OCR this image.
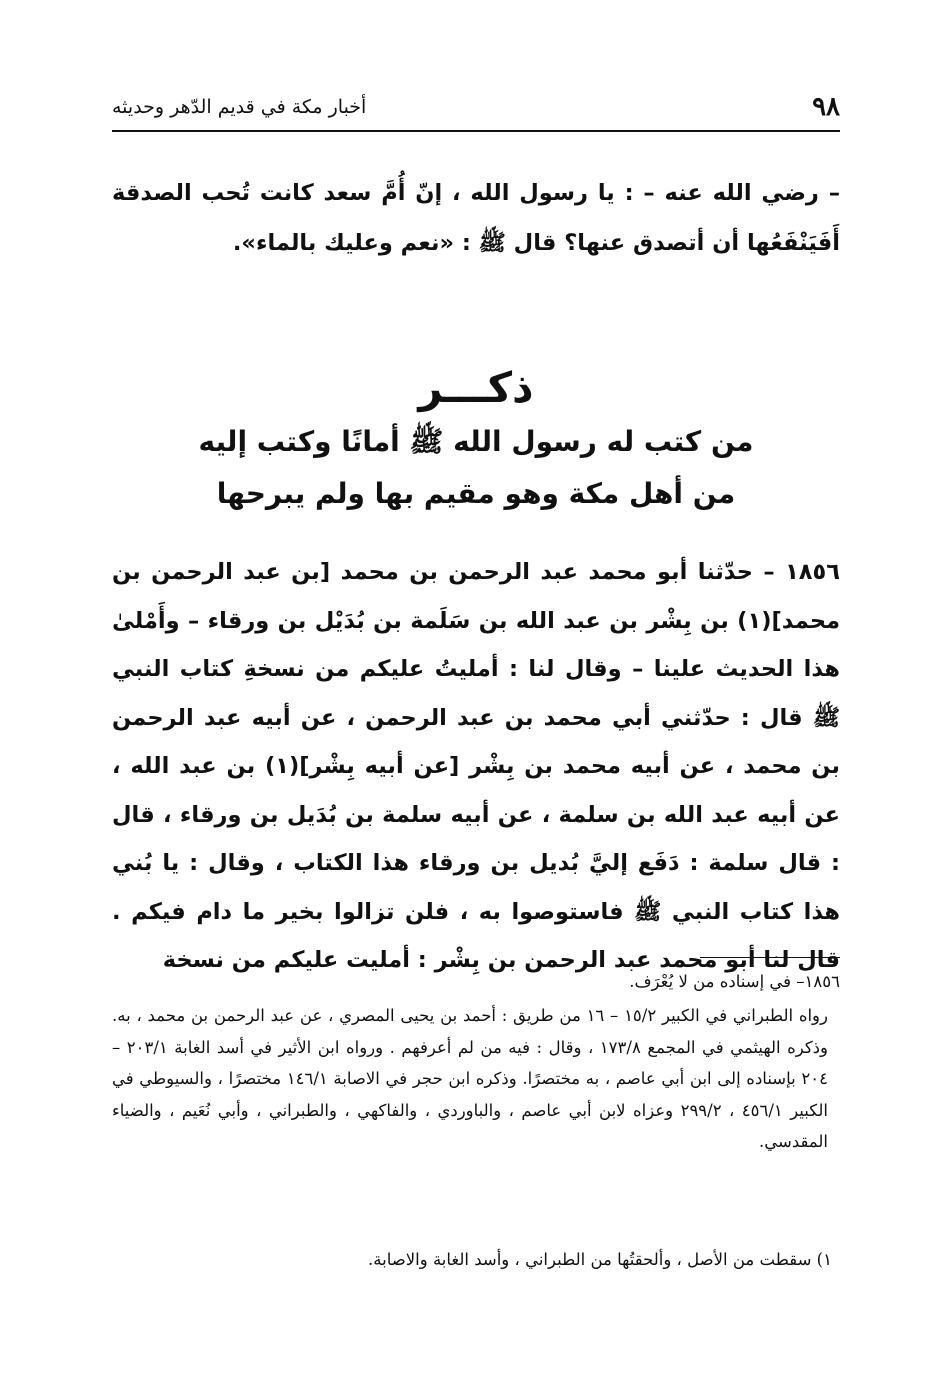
٩٨
أخبار مكة في قديم الدّهر وحديثه

– رضي الله عنه – : يا رسول الله ، إنّ أُمَّ سعد كانت تُحب الصدقة أَفَيَنْفَعُها أن أتصدق عنها؟ قال ﷺ : «نعم وعليك بالماء».

ذكـــر
من كتب له رسول الله ﷺ أمانًا وكتب إليه
من أهل مكة وهو مقيم بها ولم يبرحها

١٨٥٦ – حدّثنا أبو محمد عبد الرحمن بن محمد [بن عبد الرحمن بن محمد](١) بن بِشْر بن عبد الله بن سَلَمة بن بُدَيْل بن ورقاء – وأَمْلىٰ هذا الحديث علينا – وقال لنا : أمليتُ عليكم من نسخةِ كتاب النبي ﷺ قال : حدّثني أبي محمد بن عبد الرحمن ، عن أبيه عبد الرحمن بن محمد ، عن أبيه محمد بن بِشْر [عن أبيه بِشْر](١) بن عبد الله ، عن أبيه عبد الله بن سلمة ، عن أبيه سلمة بن بُدَيل بن ورقاء ، قال : قال سلمة : دَفَع إليَّ بُديل بن ورقاء هذا الكتاب ، وقال : يا بُني هذا كتاب النبي ﷺ فاستوصوا به ، فلن تزالوا بخير ما دام فيكم . قال لنا أبو محمد عبد الرحمن بن بِشْر : أمليت عليكم من نسخة

١٨٥٦– في إسناده من لا يُعْرَف.

رواه الطبراني في الكبير ١٥/٢ – ١٦ من طريق : أحمد بن يحيى المصري ، عن عبد الرحمن بن محمد ، به. وذكره الهيثمي في المجمع ١٧٣/٨ ، وقال : فيه من لم أعرفهم . ورواه ابن الأثير في أسد الغابة ٢٠٣/١ – ٢٠٤ بإسناده إلى ابن أبي عاصم ، به مختصرًا. وذكره ابن حجر في الاصابة ١٤٦/١ مختصرًا ، والسيوطي في الكبير ٤٥٦/١ ، ٢٩٩/٢ وعزاه لابن أبي عاصم ، والباوردي ، والفاكهي ، والطبراني ، وأبي نُعَيم ، والضياء المقدسي.

١) سقطت من الأصل ، وألحقتُها من الطبراني ، وأسد الغابة والاصابة.
